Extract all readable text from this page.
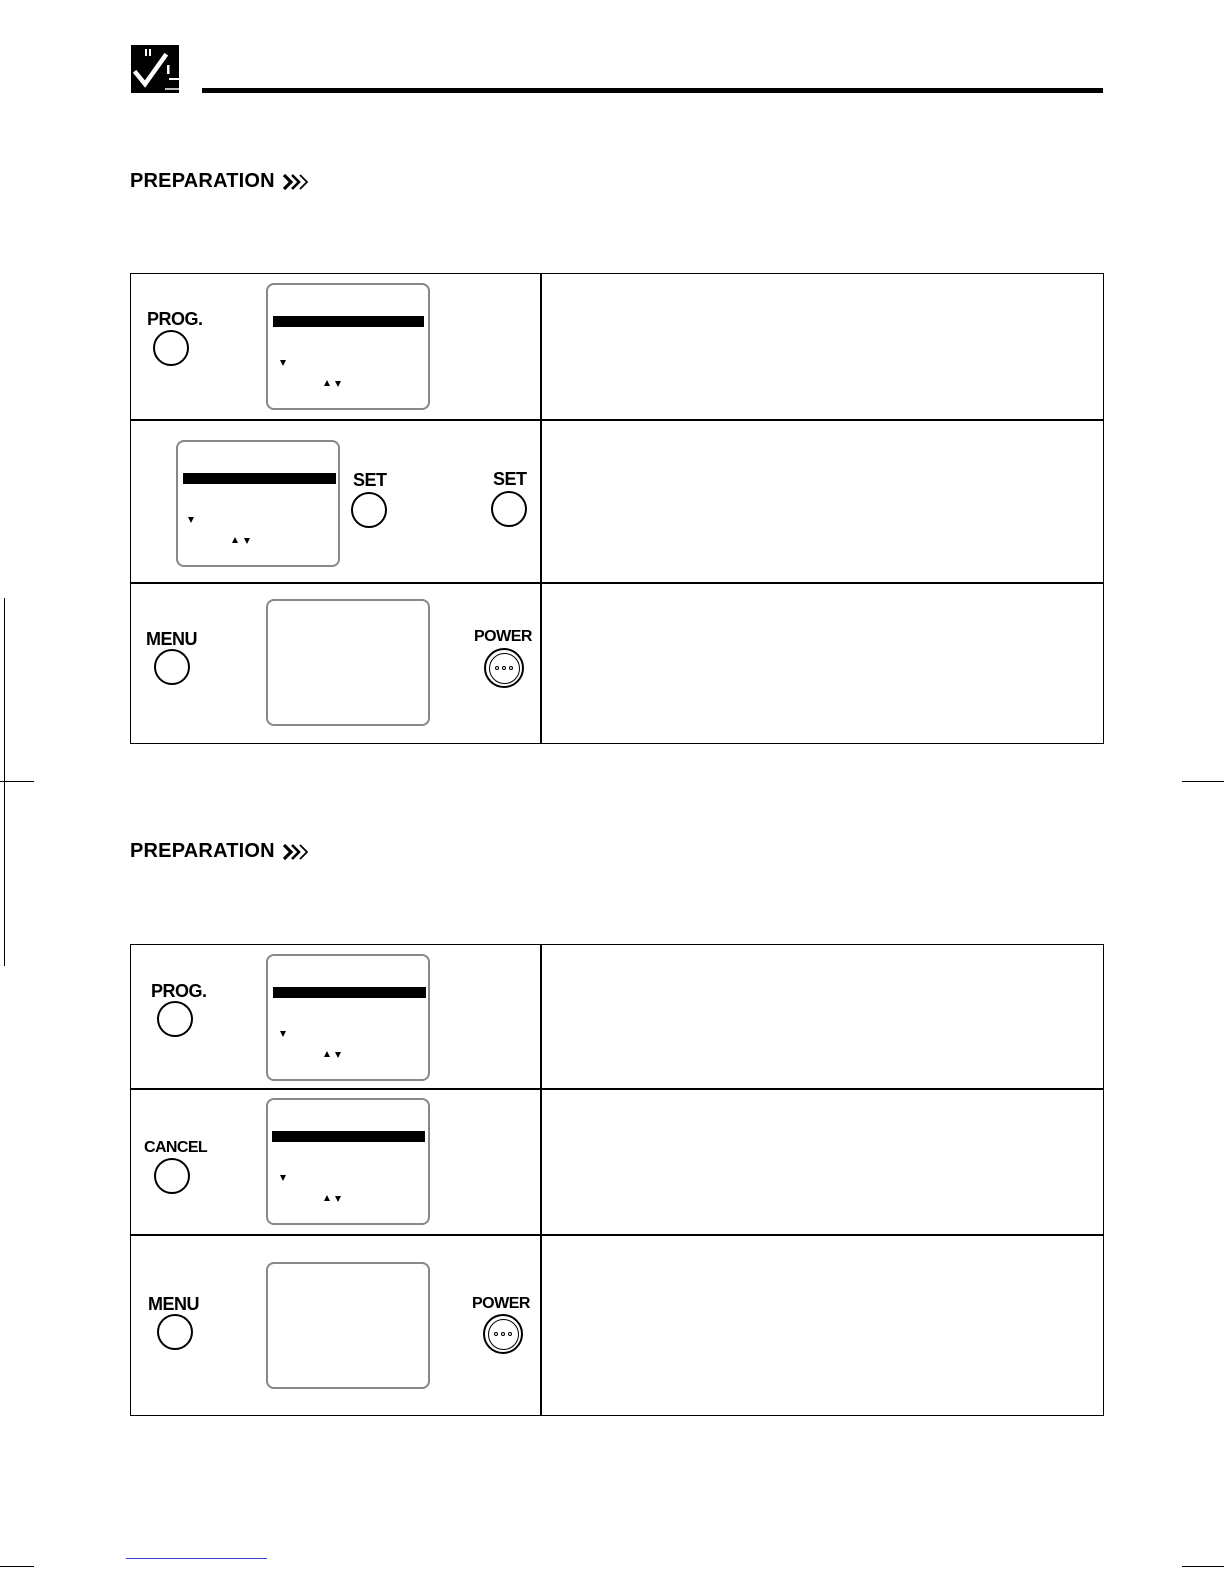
PREPARATION
PROG.
SET	SET
MENU	POWER
PREPARATION
PROG.
CANCEL
MENU	POWER
